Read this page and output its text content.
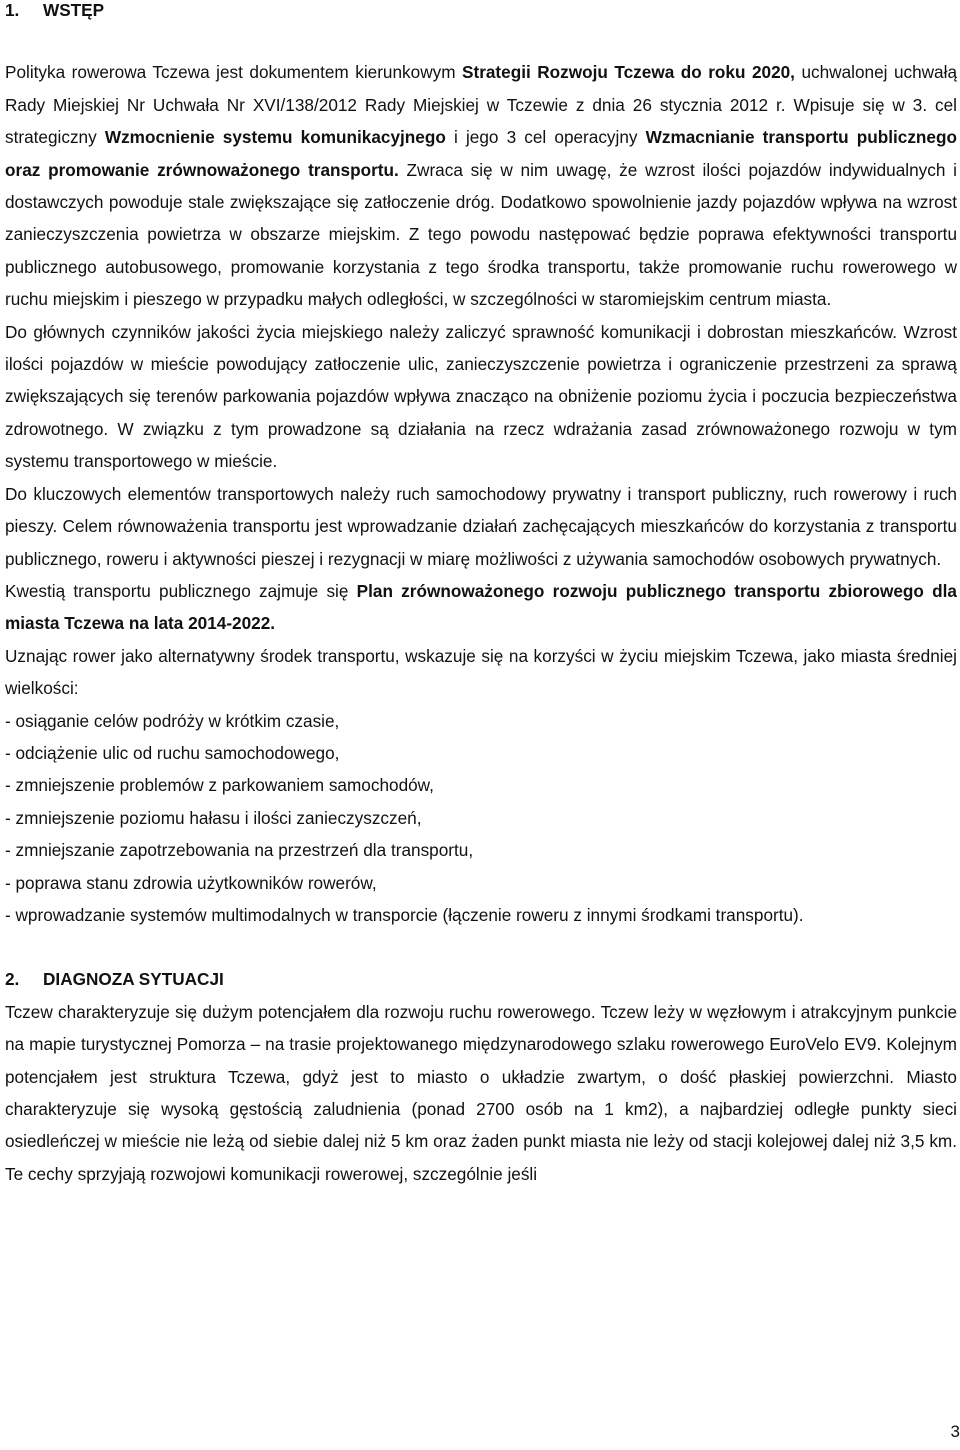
1.	WSTĘP

Polityka rowerowa Tczewa jest dokumentem kierunkowym Strategii Rozwoju Tczewa do roku 2020, uchwalonej uchwałą Rady Miejskiej Nr Uchwała Nr XVI/138/2012 Rady Miejskiej w Tczewie z dnia 26 stycznia 2012 r. Wpisuje się w 3. cel strategiczny Wzmocnienie systemu komunikacyjnego i jego 3 cel operacyjny Wzmacnianie transportu publicznego oraz promowanie zrównoważonego transportu. Zwraca się w nim uwagę, że wzrost ilości pojazdów indywidualnych i dostawczych powoduje stale zwiększające się zatłoczenie dróg. Dodatkowo spowolnienie jazdy pojazdów wpływa na wzrost zanieczyszczenia powietrza w obszarze miejskim. Z tego powodu następować będzie poprawa efektywności transportu publicznego autobusowego, promowanie korzystania z tego środka transportu, także promowanie ruchu rowerowego w ruchu miejskim i pieszego w przypadku małych odległości, w szczególności w staromiejskim centrum miasta.

Do głównych czynników jakości życia miejskiego należy zaliczyć sprawność komunikacji i dobrostan mieszkańców. Wzrost ilości pojazdów w mieście powodujący zatłoczenie ulic, zanieczyszczenie powietrza i ograniczenie przestrzeni za sprawą zwiększających się terenów parkowania pojazdów wpływa znacząco na obniżenie poziomu życia i poczucia bezpieczeństwa zdrowotnego. W związku z tym prowadzone są działania na rzecz wdrażania zasad zrównoważonego rozwoju w tym systemu transportowego w mieście.

Do kluczowych elementów transportowych należy ruch samochodowy prywatny i transport publiczny, ruch rowerowy i ruch pieszy. Celem równoważenia transportu jest wprowadzanie działań zachęcających mieszkańców do korzystania z transportu publicznego, roweru i aktywności pieszej i rezygnacji w miarę możliwości z używania samochodów osobowych prywatnych.

Kwestią transportu publicznego zajmuje się Plan zrównoważonego rozwoju publicznego transportu zbiorowego dla miasta Tczewa na lata 2014-2022.

Uznając rower jako alternatywny środek transportu, wskazuje się na korzyści w życiu miejskim Tczewa, jako miasta średniej wielkości:

- osiąganie celów podróży w krótkim czasie,
- odciążenie ulic od ruchu samochodowego,
- zmniejszenie problemów z parkowaniem samochodów,
- zmniejszenie poziomu hałasu i ilości zanieczyszczeń,
- zmniejszanie zapotrzebowania na przestrzeń dla transportu,
- poprawa stanu zdrowia użytkowników rowerów,
- wprowadzanie systemów multimodalnych w transporcie (łączenie roweru z innymi środkami transportu).
2.	DIAGNOZA SYTUACJI

Tczew charakteryzuje się dużym potencjałem dla rozwoju ruchu rowerowego. Tczew leży w węzłowym i atrakcyjnym punkcie na mapie turystycznej Pomorza – na trasie projektowanego międzynarodowego szlaku rowerowego EuroVelo EV9. Kolejnym potencjałem jest struktura Tczewa, gdyż jest to miasto o układzie zwartym, o dość płaskiej powierzchni. Miasto charakteryzuje się wysoką gęstością zaludnienia (ponad 2700 osób na 1 km2), a najbardziej odległe punkty sieci osiedleńczej w mieście nie leżą od siebie dalej niż 5 km oraz żaden punkt miasta nie leży od stacji kolejowej dalej niż 3,5 km. Te cechy sprzyjają rozwojowi komunikacji rowerowej, szczególnie jeśli

3
